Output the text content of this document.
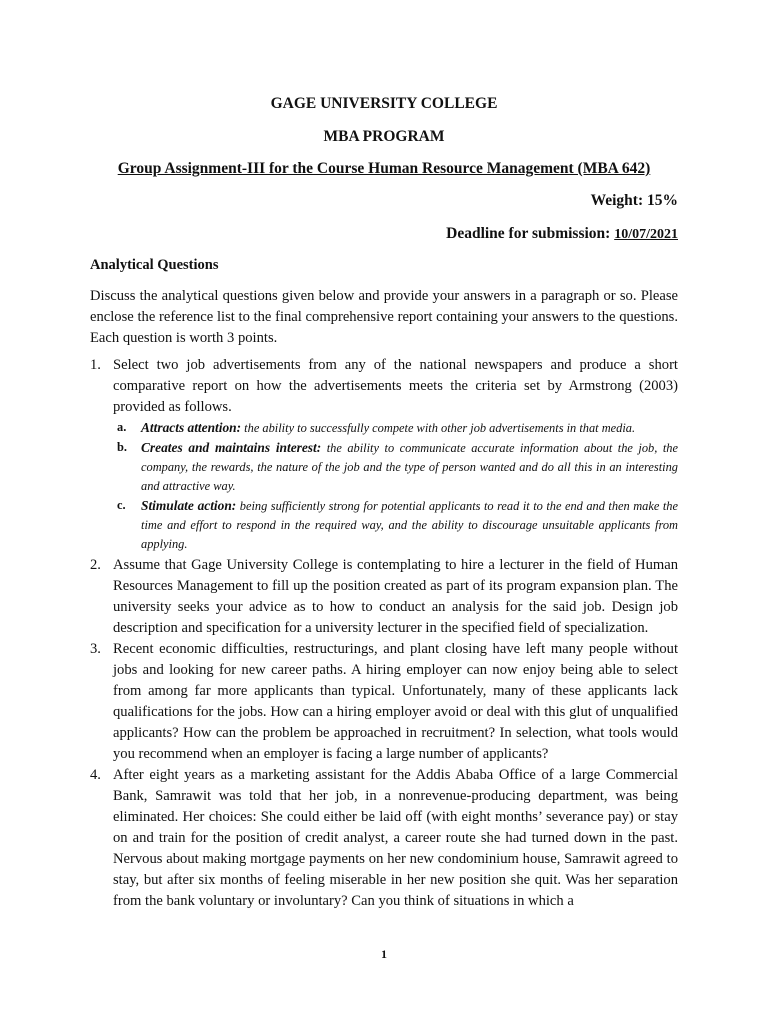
GAGE UNIVERSITY COLLEGE
MBA PROGRAM
Group Assignment-III for the Course Human Resource Management (MBA 642)
Weight: 15%
Deadline for submission: 10/07/2021
Analytical Questions
Discuss the analytical questions given below and provide your answers in a paragraph or so. Please enclose the reference list to the final comprehensive report containing your answers to the questions. Each question is worth 3 points.
1. Select two job advertisements from any of the national newspapers and produce a short comparative report on how the advertisements meets the criteria set by Armstrong (2003) provided as follows.
a. Attracts attention: the ability to successfully compete with other job advertisements in that media.
b. Creates and maintains interest: the ability to communicate accurate information about the job, the company, the rewards, the nature of the job and the type of person wanted and do all this in an interesting and attractive way.
c. Stimulate action: being sufficiently strong for potential applicants to read it to the end and then make the time and effort to respond in the required way, and the ability to discourage unsuitable applicants from applying.
2. Assume that Gage University College is contemplating to hire a lecturer in the field of Human Resources Management to fill up the position created as part of its program expansion plan. The university seeks your advice as to how to conduct an analysis for the said job. Design job description and specification for a university lecturer in the specified field of specialization.
3. Recent economic difficulties, restructurings, and plant closing have left many people without jobs and looking for new career paths. A hiring employer can now enjoy being able to select from among far more applicants than typical. Unfortunately, many of these applicants lack qualifications for the jobs. How can a hiring employer avoid or deal with this glut of unqualified applicants? How can the problem be approached in recruitment? In selection, what tools would you recommend when an employer is facing a large number of applicants?
4. After eight years as a marketing assistant for the Addis Ababa Office of a large Commercial Bank, Samrawit was told that her job, in a nonrevenue-producing department, was being eliminated. Her choices: She could either be laid off (with eight months’ severance pay) or stay on and train for the position of credit analyst, a career route she had turned down in the past. Nervous about making mortgage payments on her new condominium house, Samrawit agreed to stay, but after six months of feeling miserable in her new position she quit. Was her separation from the bank voluntary or involuntary? Can you think of situations in which a
1
